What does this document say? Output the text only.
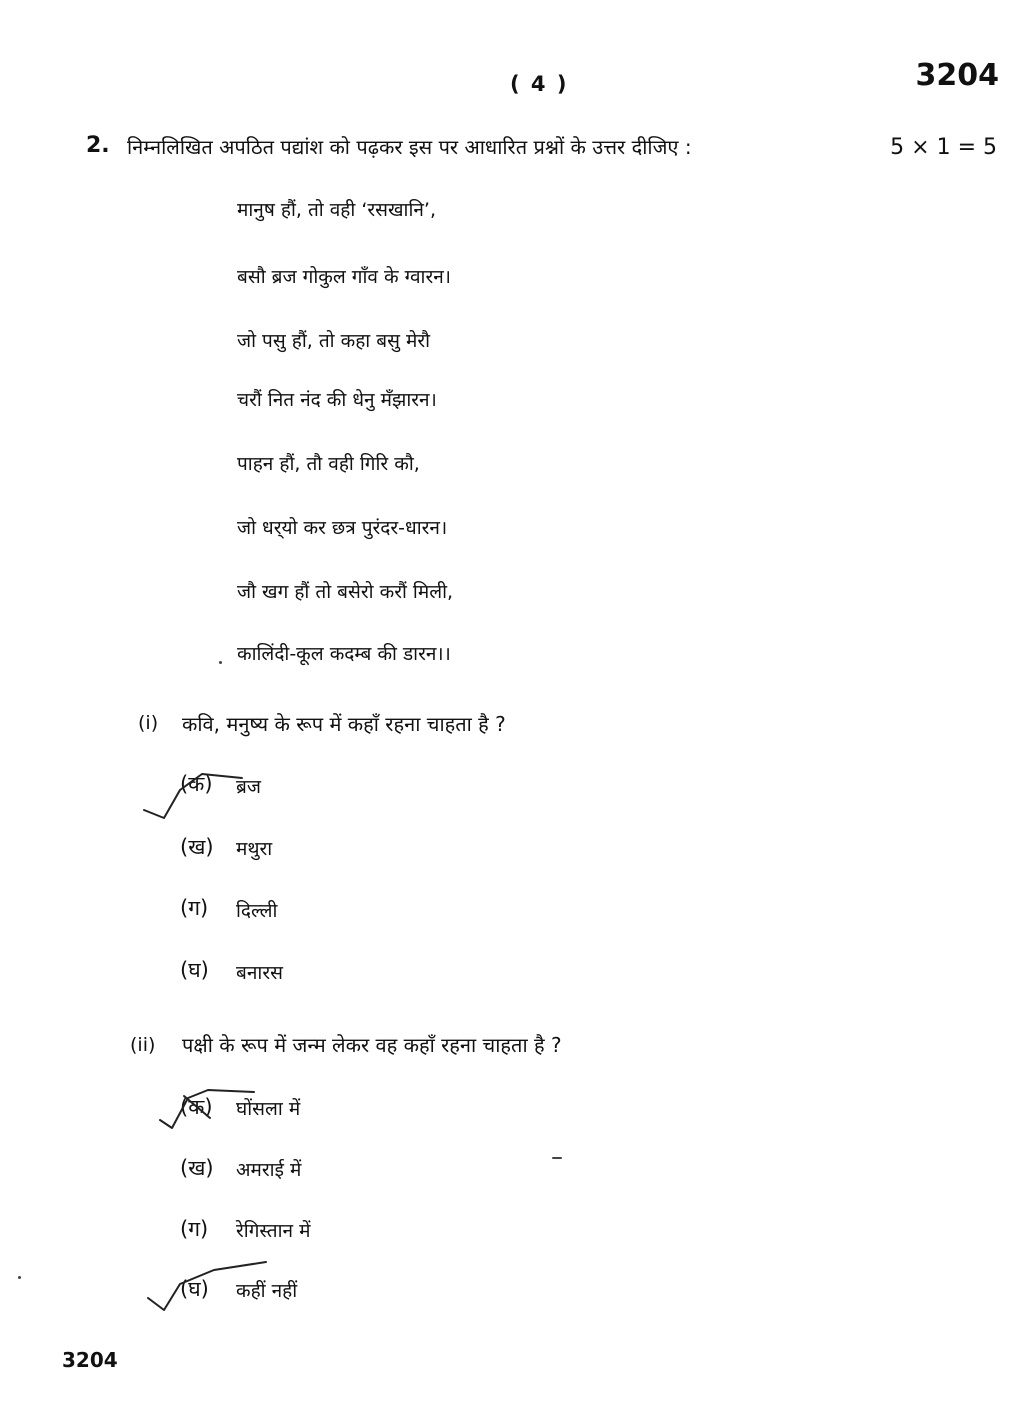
( 4 )	3204
2. निम्नलिखित अपठित पद्यांश को पढ़कर इस पर आधारित प्रश्नों के उत्तर दीजिए :	5 × 1 = 5
मानुष हौं, तो वही ‘रसखानि’,
बसौ ब्रज गोकुल गाँव के ग्वारन।
जो पसु हौं, तो कहा बसु मेरौ
चरौं नित नंद की धेनु मँझारन।
पाहन हौं, तौ वही गिरि कौ,
जो धर्‌यो कर छत्र पुरंदर-धारन।
जौ खग हौं तो बसेरो करौं मिली,
कालिंदी-कूल कदम्ब की डारन।।
(i) कवि, मनुष्य के रूप में कहाँ रहना चाहता है ?
(क) ब्रज
(ख) मथुरा
(ग) दिल्ली
(घ) बनारस
(ii) पक्षी के रूप में जन्म लेकर वह कहाँ रहना चाहता है ?
(क) घोंसला में
(ख) अमराई में
(ग) रेगिस्तान में
(घ) कहीं नहीं
3204
